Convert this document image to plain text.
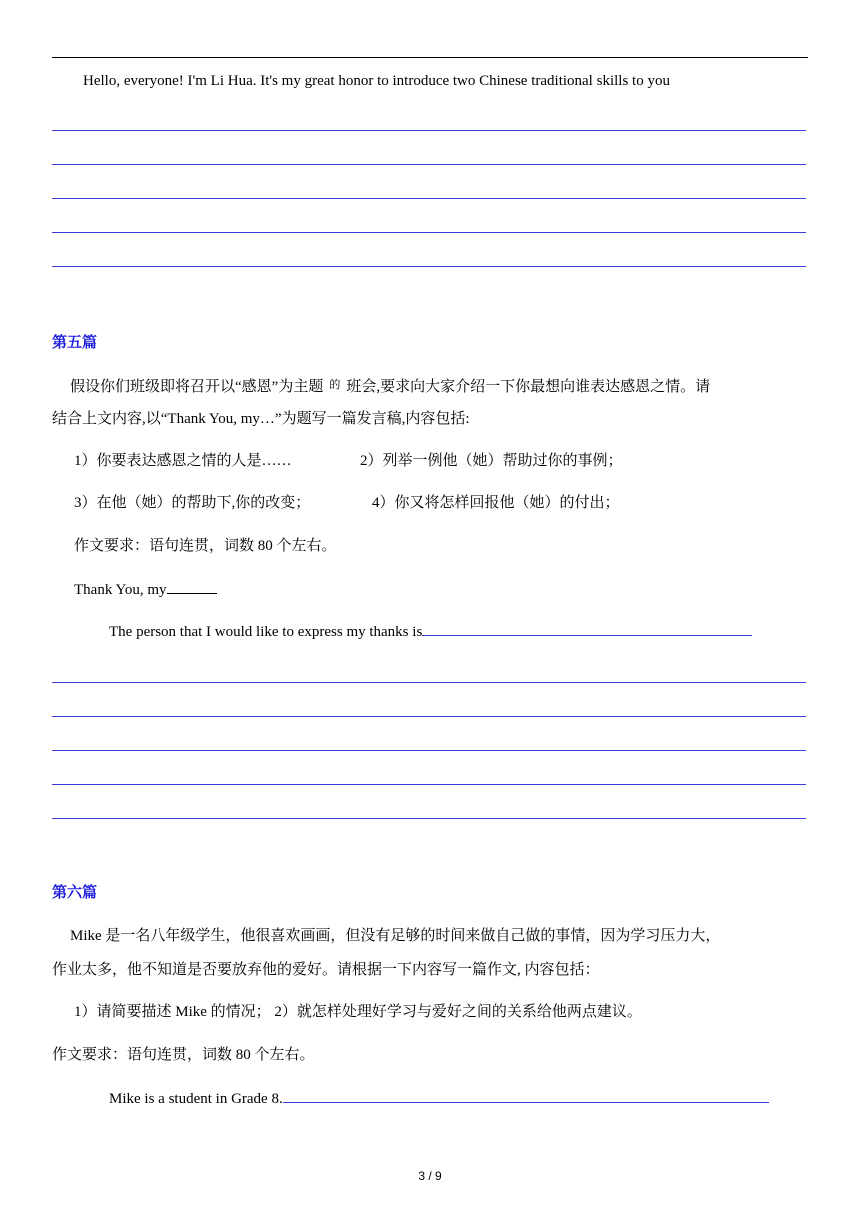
Hello, everyone! I'm Li Hua. It's my great honor to introduce two Chinese traditional skills to you
第五篇
假设你们班级即将召开以“感恩”为主题 $^的$ 班会,要求向大家介绍一下你最想向谁表达感恩之情。请
结合上文内容,以“Thank You, my…”为题写一篇发言稿,内容包括:
1）你要表达感恩之情的人是……	2）列举一例他（她）帮助过你的事例；
3）在他（她）的帮助下,你的改变；	4）你又将怎样回报他（她）的付出；
作文要求：语句连贯，词数 80 个左右。
Thank You, my
The person that I would like to express my thanks is
第六篇
Mike 是一名八年级学生，他很喜欢画画，但没有足够的时间来做自己做的事情，因为学习压力大，
作业太多，他不知道是否要放弃他的爱好。请根据一下内容写一篇作文, 内容包括：
1）请简要描述 Mike 的情况； 2）就怎样处理好学习与爱好之间的关系给他两点建议。
作文要求：语句连贯，词数 80 个左右。
Mike is a student in Grade 8.
3 / 9
